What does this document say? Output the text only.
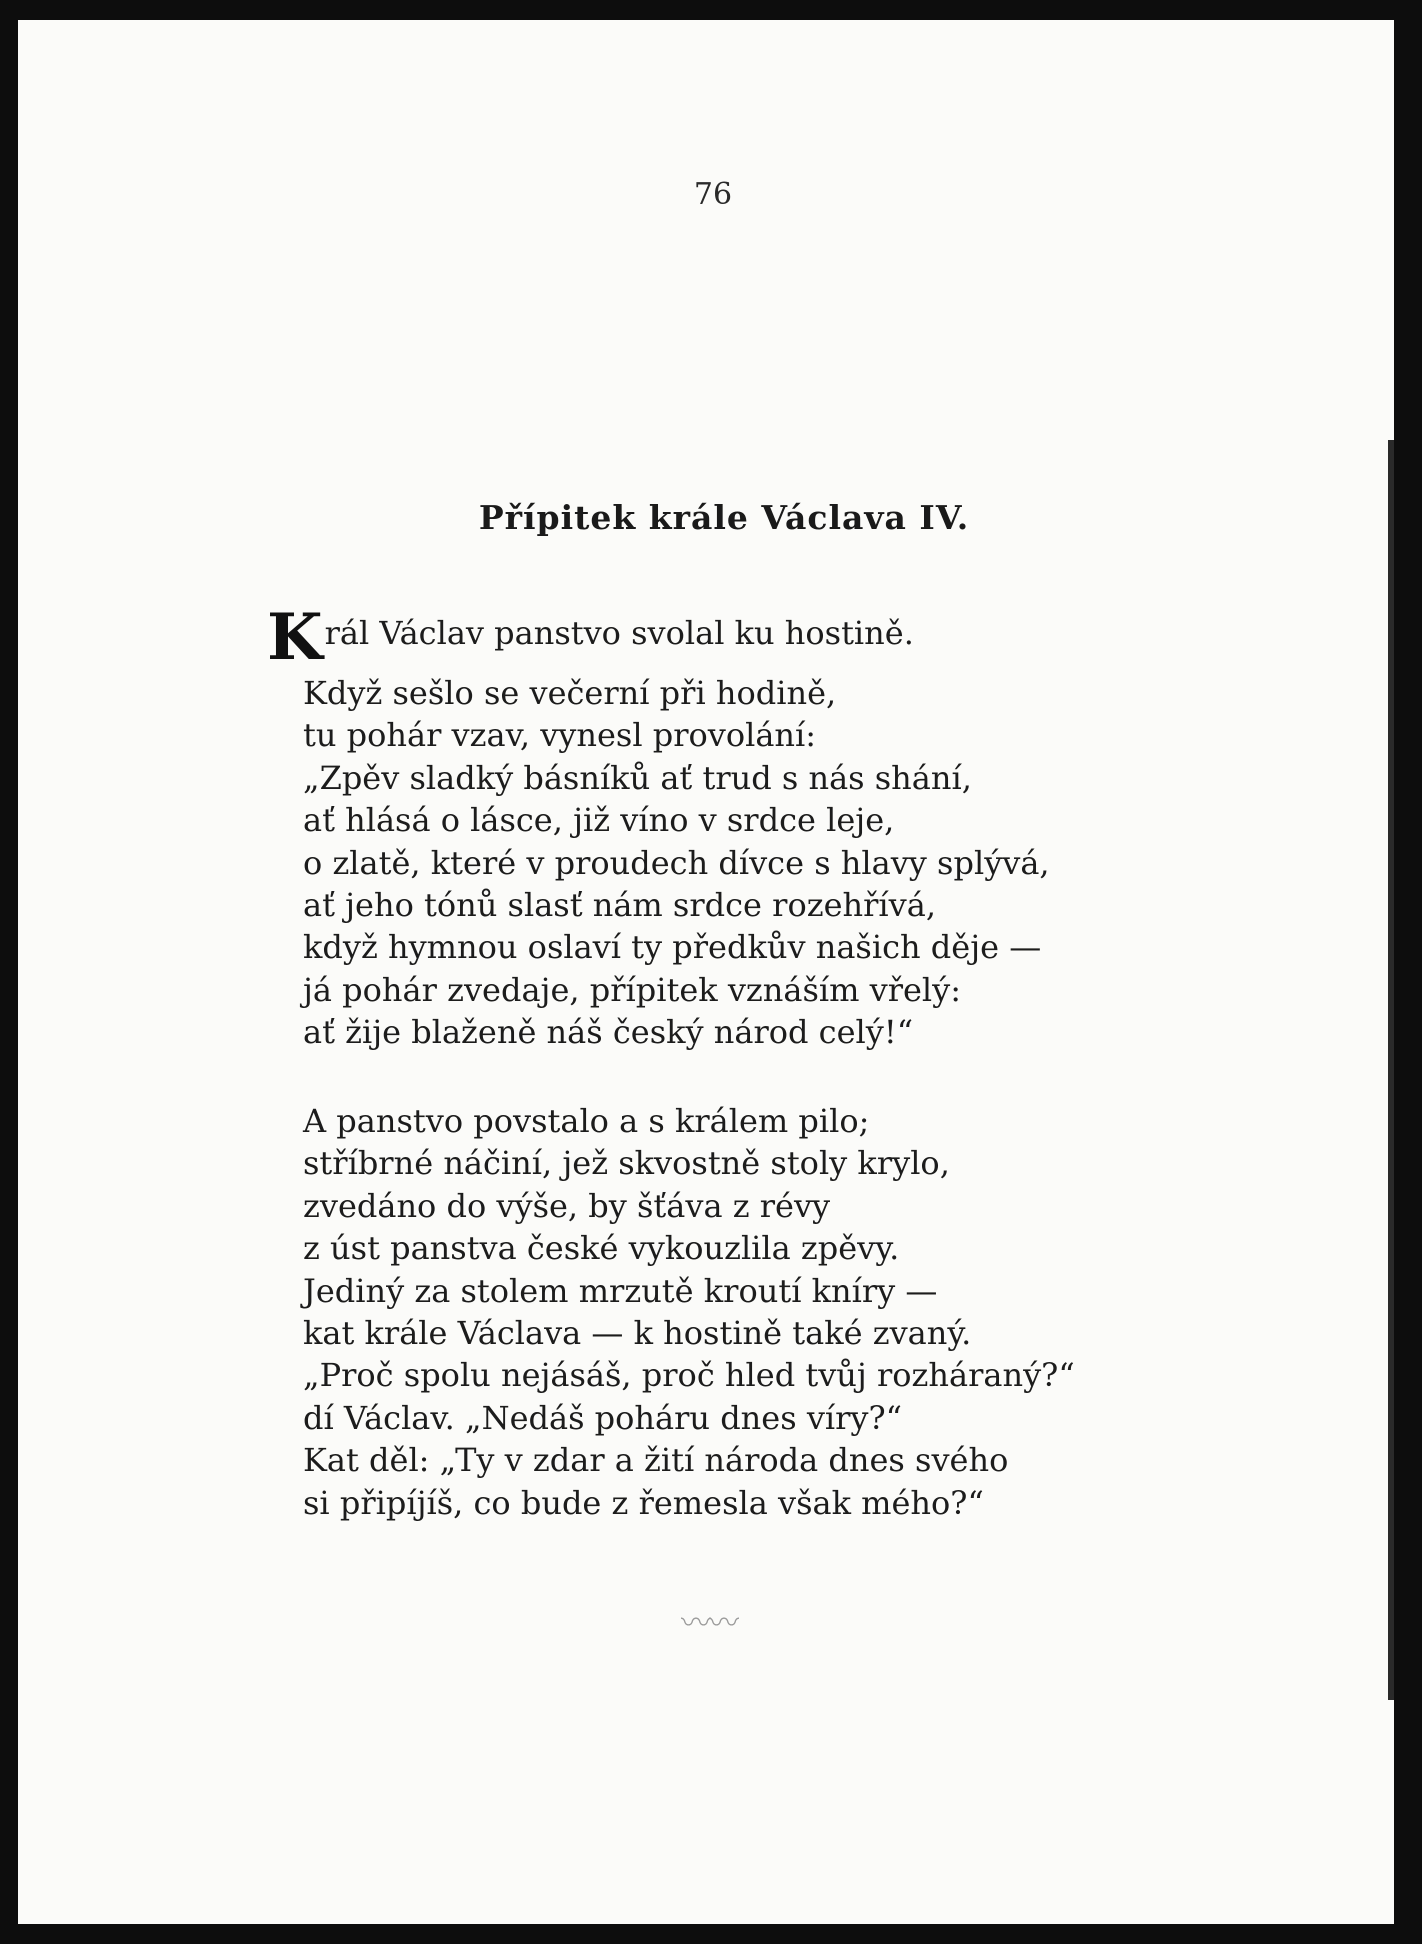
76
Přípitek krále Václava IV.
Král Václav panstvo svolal ku hostině.
Když sešlo se večerní při hodině,
tu pohár vzav, vynesl provolání:
„Zpěv sladký básníků ať trud s nás shání,
ať hlásá o lásce, již víno v srdce leje,
o zlatě, které v proudech dívce s hlavy splývá,
ať jeho tónů slasť nám srdce rozehřívá,
když hymnou oslaví ty předkův našich děje —
já pohár zvedaje, přípitek vznáším vřelý:
ať žije blaženě náš český národ celý!“
A panstvo povstalo a s králem pilo;
stříbrné náčiní, jež skvostně stoly krylo,
zvedáno do výše, by šťáva z révy
z úst panstva české vykouzlila zpěvy.
Jediný za stolem mrzutě kroutí kníry —
kat krále Václava — k hostině také zvaný.
„Proč spolu nejásáš, proč hled tvůj rozháraný?“
dí Václav. „Nedáš poháru dnes víry?“
Kat děl: „Ty v zdar a žití národa dnes svého
si připíjíš, co bude z řemesla však mého?“
〰〰
